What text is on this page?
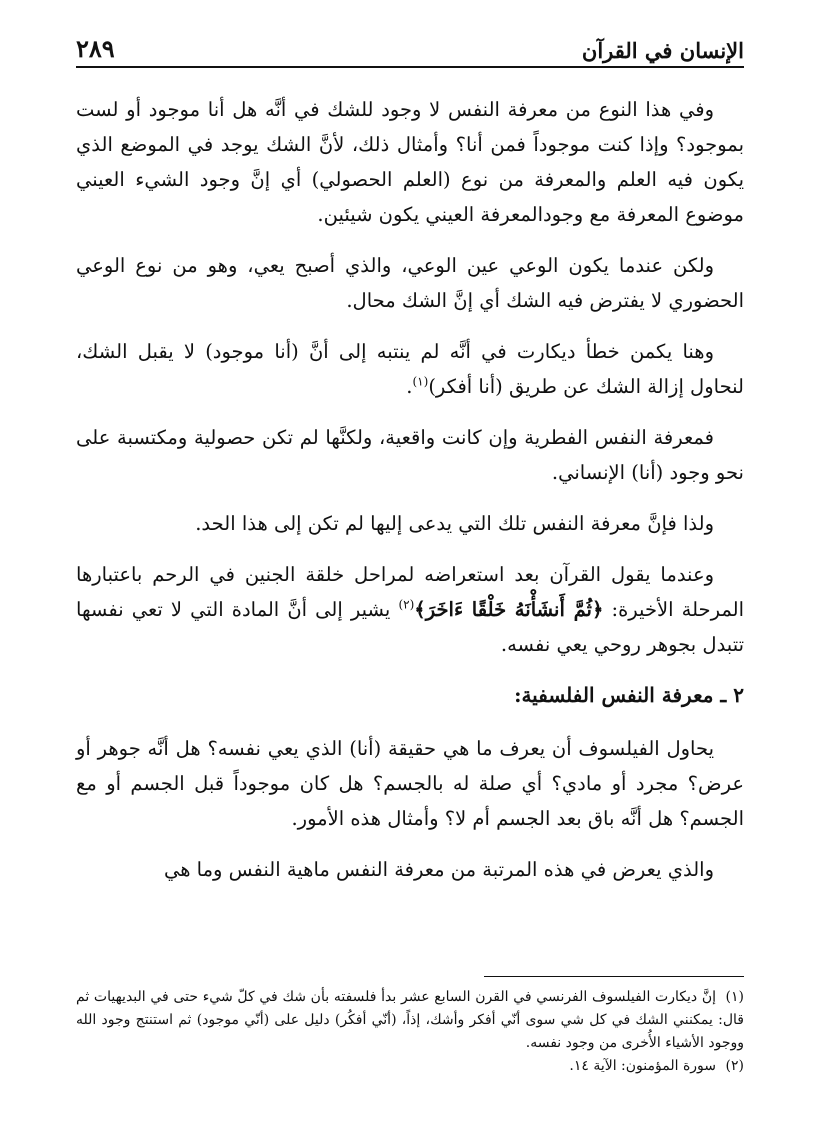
٢٨٩	الإنسان في القرآن

وفي هذا النوع من معرفة النفس لا وجود للشك في أنَّه هل أنا موجود أو لست بموجود؟ وإذا كنت موجوداً فمن أنا؟ وأمثال ذلك، لأنَّ الشك يوجد في الموضع الذي يكون فيه العلم والمعرفة من نوع (العلم الحصولي) أي إنَّ وجود الشيء العيني موضوع المعرفة مع وجودالمعرفة العيني يكون شيئين.

ولكن عندما يكون الوعي عين الوعي، والذي أصبح يعي، وهو من نوع الوعي الحضوري لا يفترض فيه الشك أي إنَّ الشك محال.

وهنا يكمن خطأ ديكارت في أنَّه لم ينتبه إلى أنَّ (أنا موجود) لا يقبل الشك، لنحاول إزالة الشك عن طريق (أنا أفكر)$^{(١)}$.

فمعرفة النفس الفطرية وإن كانت واقعية، ولكنَّها لم تكن حصولية ومكتسبة على نحو وجود (أنا) الإنساني.

ولذا فإنَّ معرفة النفس تلك التي يدعى إليها لم تكن إلى هذا الحد.

وعندما يقول القرآن بعد استعراضه لمراحل خلقة الجنين في الرحم باعتبارها المرحلة الأخيرة: ﴿ثُمَّ أَنشَأْنَهُ خَلْقًا ءَاخَرَ﴾$^{(٢)}$ يشير إلى أنَّ المادة التي لا تعي نفسها تتبدل بجوهر روحي يعي نفسه.

٢ ـ معرفة النفس الفلسفية:

يحاول الفيلسوف أن يعرف ما هي حقيقة (أنا) الذي يعي نفسه؟ هل أنَّه جوهر أو عرض؟ مجرد أو مادي؟ أي صلة له بالجسم؟ هل كان موجوداً قبل الجسم أو مع الجسم؟ هل أنَّه باق بعد الجسم أم لا؟ وأمثال هذه الأمور.

والذي يعرض في هذه المرتبة من معرفة النفس ماهية النفس وما هي

(١)إنَّ ديكارت الفيلسوف الفرنسي في القرن السابع عشر بدأ فلسفته بأن شك في كلّ شيء حتى في البديهيات ثم قال: يمكنني الشك في كل شي سوى أنّي أفكر وأشك، إذاً، (أنّي أفكُر) دليل على (أنّي موجود) ثم استنتج وجود الله ووجود الأشياء الأُخرى من وجود نفسه.

(٢)سورة المؤمنون: الآية ١٤.
